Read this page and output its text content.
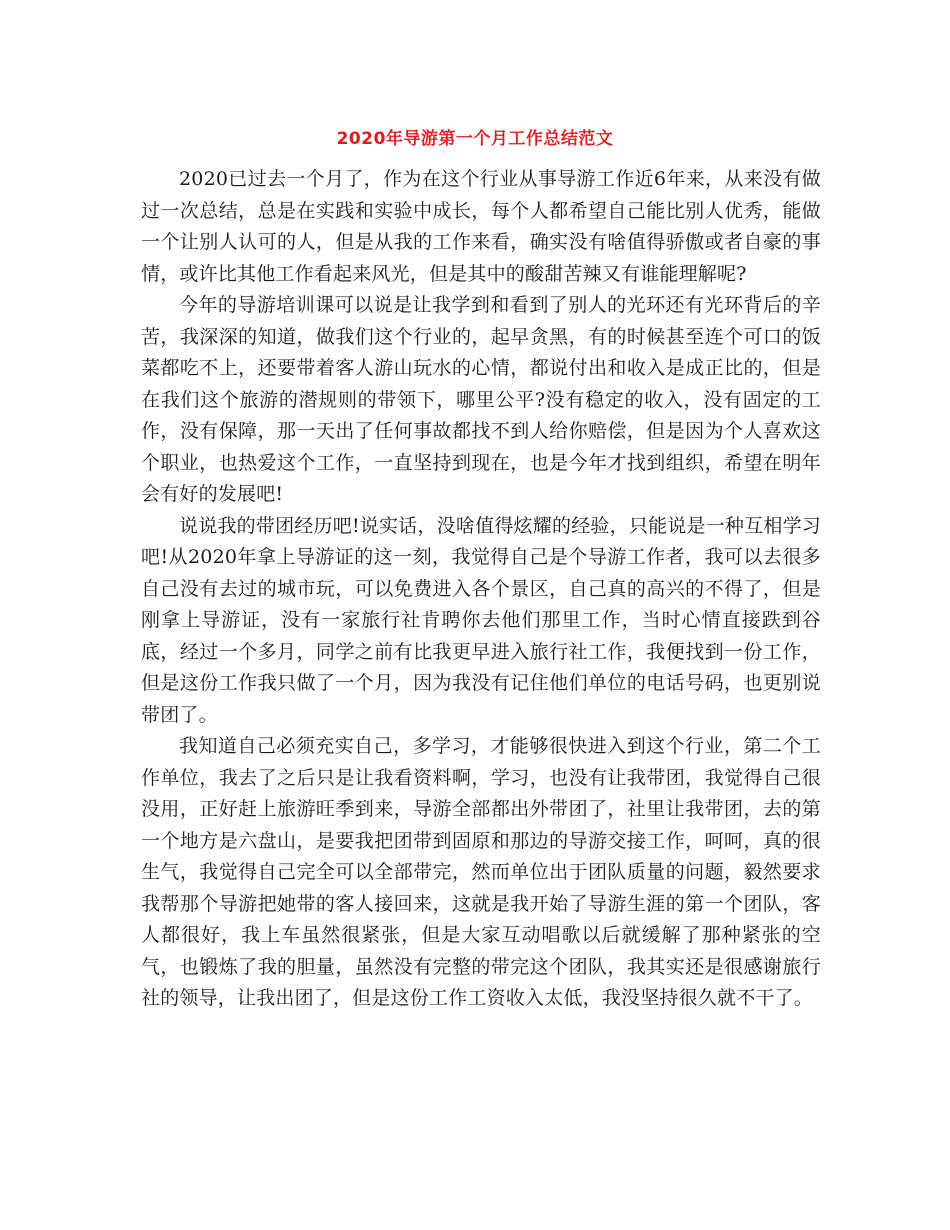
2020年导游第一个月工作总结范文

2020已过去一个月了，作为在这个行业从事导游工作近6年来，从来没有做过一次总结，总是在实践和实验中成长，每个人都希望自己能比别人优秀，能做一个让别人认可的人，但是从我的工作来看，确实没有啥值得骄傲或者自豪的事情，或许比其他工作看起来风光，但是其中的酸甜苦辣又有谁能理解呢?

今年的导游培训课可以说是让我学到和看到了别人的光环还有光环背后的辛苦，我深深的知道，做我们这个行业的，起早贪黑，有的时候甚至连个可口的饭菜都吃不上，还要带着客人游山玩水的心情，都说付出和收入是成正比的，但是在我们这个旅游的潜规则的带领下，哪里公平?没有稳定的收入，没有固定的工作，没有保障，那一天出了任何事故都找不到人给你赔偿，但是因为个人喜欢这个职业，也热爱这个工作，一直坚持到现在，也是今年才找到组织，希望在明年会有好的发展吧!

说说我的带团经历吧!说实话，没啥值得炫耀的经验，只能说是一种互相学习吧!从2020年拿上导游证的这一刻，我觉得自己是个导游工作者，我可以去很多自己没有去过的城市玩，可以免费进入各个景区，自己真的高兴的不得了，但是刚拿上导游证，没有一家旅行社肯聘你去他们那里工作，当时心情直接跌到谷底，经过一个多月，同学之前有比我更早进入旅行社工作，我便找到一份工作，但是这份工作我只做了一个月，因为我没有记住他们单位的电话号码，也更别说带团了。

我知道自己必须充实自己，多学习，才能够很快进入到这个行业，第二个工作单位，我去了之后只是让我看资料啊，学习，也没有让我带团，我觉得自己很没用，正好赶上旅游旺季到来，导游全部都出外带团了，社里让我带团，去的第一个地方是六盘山，是要我把团带到固原和那边的导游交接工作，呵呵，真的很生气，我觉得自己完全可以全部带完，然而单位出于团队质量的问题，毅然要求我帮那个导游把她带的客人接回来，这就是我开始了导游生涯的第一个团队，客人都很好，我上车虽然很紧张，但是大家互动唱歌以后就缓解了那种紧张的空气，也锻炼了我的胆量，虽然没有完整的带完这个团队，我其实还是很感谢旅行社的领导，让我出团了，但是这份工作工资收入太低，我没坚持很久就不干了。
